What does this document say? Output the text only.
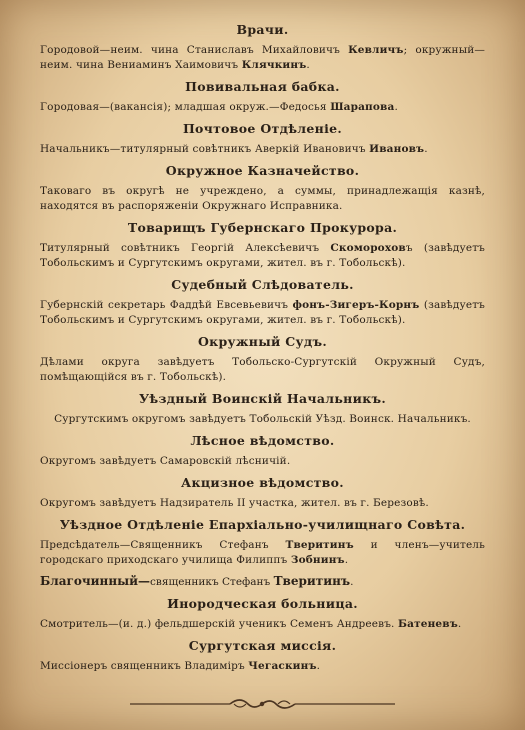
Врачи.
Городовой—неим. чина Станиславъ Михайловичъ Кевличъ; окружный—неим. чина Вениаминъ Хаимовичъ Клячкинъ.
Повивальная бабка.
Городовая—(вакансія); младшая окруж.—Федосья Шарапова.
Почтовое Отдѣленіе.
Начальникъ—титулярный совѣтникъ Аверкій Ивановичъ Ивановъ.
Окружное Казначейство.
Таковаго въ округѣ не учреждено, а суммы, принадлежащія казнѣ, находятся въ распоряженіи Окружнаго Исправника.
Товарищъ Губернскаго Прокурора.
Титулярный совѣтникъ Георгій Алексѣевичъ Скомороховъ (завѣдуетъ Тобольскимъ и Сургутскимъ округами, жител. въ г. Тобольскѣ).
Судебный Слѣдователь.
Губернскій секретарь Фаддѣй Евсевьевичъ фонъ-Зигеръ-Корнъ (завѣдуетъ Тобольскимъ и Сургутскимъ округами, жител. въ г. Тобольскѣ).
Окружный Судъ.
Дѣлами округа завѣдуетъ Тобольско-Сургутскій Окружный Судъ, помѣщающійся въ г. Тобольскѣ).
Уѣздный Воинскій Начальникъ.
Сургутскимъ округомъ завѣдуетъ Тобольскій Уѣзд. Воинск. Начальникъ.
Лѣсное вѣдомство.
Округомъ завѣдуетъ Самаровскій лѣсничій.
Акцизное вѣдомство.
Округомъ завѣдуетъ Надзиратель II участка, жител. въ г. Березовѣ.
Уѣздное Отдѣленіе Епархіально-училищнаго Совѣта.
Предсѣдатель—Священникъ Стефанъ Тверитинъ и членъ—учитель городскаго приходскаго училища Филиппъ Зобнинъ.
Благочинный—священникъ Стефанъ Тверитинъ.
Инородческая больница.
Смотритель—(и. д.) фельдшерскій ученикъ Семенъ Андреевъ. Батеневъ.
Сургутская миссія.
Миссіонеръ священникъ Владиміръ Чегаскинъ.
